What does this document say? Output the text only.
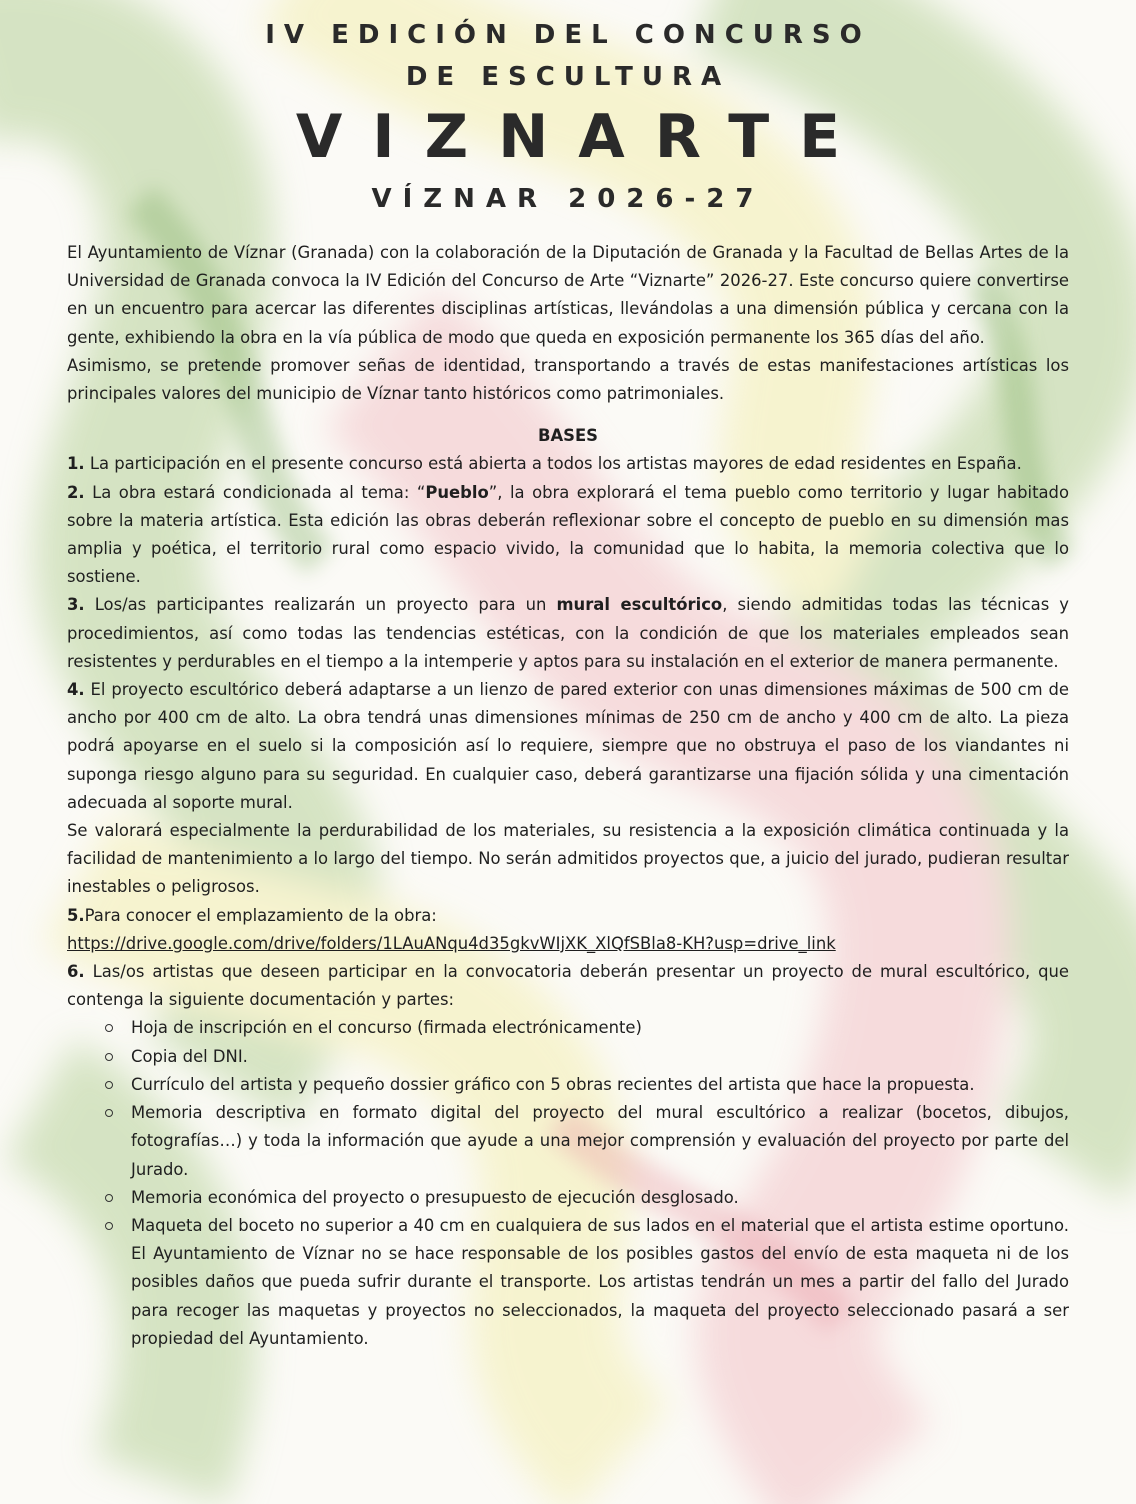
IV EDICIÓN DEL CONCURSO
DE ESCULTURA
VIZNARTE
VÍZNAR 2026-27

El Ayuntamiento de Víznar (Granada) con la colaboración de la Diputación de Granada y la Facultad de Bellas Artes de la Universidad de Granada convoca la IV Edición del Concurso de Arte “Viznarte” 2026-27. Este concurso quiere convertirse en un encuentro para acercar las diferentes disciplinas artísticas, llevándolas a una dimensión pública y cercana con la gente, exhibiendo la obra en la vía pública de modo que queda en exposición permanente los 365 días del año.

Asimismo, se pretende promover señas de identidad, transportando a través de estas manifestaciones artísticas los principales valores del municipio de Víznar tanto históricos como patrimoniales.

BASES

1. La participación en el presente concurso está abierta a todos los artistas mayores de edad residentes en España.

2. La obra estará condicionada al tema: “Pueblo”, la obra explorará el tema pueblo como territorio y lugar habitado sobre la materia artística. Esta edición las obras deberán reflexionar sobre el concepto de pueblo en su dimensión mas amplia y poética, el territorio rural como espacio vivido, la comunidad que lo habita, la memoria colectiva que lo sostiene.

3. Los/as participantes realizarán un proyecto para un mural escultórico, siendo admitidas todas las técnicas y procedimientos, así como todas las tendencias estéticas, con la condición de que los materiales empleados sean resistentes y perdurables en el tiempo a la intemperie y aptos para su instalación en el exterior de manera permanente.

4. El proyecto escultórico deberá adaptarse a un lienzo de pared exterior con unas dimensiones máximas de 500 cm de ancho por 400 cm de alto. La obra tendrá unas dimensiones mínimas de 250 cm de ancho y 400 cm de alto. La pieza podrá apoyarse en el suelo si la composición así lo requiere, siempre que no obstruya el paso de los viandantes ni suponga riesgo alguno para su seguridad. En cualquier caso, deberá garantizarse una fijación sólida y una cimentación adecuada al soporte mural.

Se valorará especialmente la perdurabilidad de los materiales, su resistencia a la exposición climática continuada y la facilidad de mantenimiento a lo largo del tiempo. No serán admitidos proyectos que, a juicio del jurado, pudieran resultar inestables o peligrosos.

5.Para conocer el emplazamiento de la obra:

https://drive.google.com/drive/folders/1LAuANqu4d35gkvWIjXK_XlQfSBla8-KH?usp=drive_link

6. Las/os artistas que deseen participar en la convocatoria deberán presentar un proyecto de mural escultórico, que contenga la siguiente documentación y partes:

Hoja de inscripción en el concurso (firmada electrónicamente)
Copia del DNI.
Currículo del artista y pequeño dossier gráfico con 5 obras recientes del artista que hace la propuesta.
Memoria descriptiva en formato digital del proyecto del mural escultórico a realizar (bocetos, dibujos, fotografías…) y toda la información que ayude a una mejor comprensión y evaluación del proyecto por parte del Jurado.
Memoria económica del proyecto o presupuesto de ejecución desglosado.
Maqueta del boceto no superior a 40 cm en cualquiera de sus lados en el material que el artista estime oportuno. El Ayuntamiento de Víznar no se hace responsable de los posibles gastos del envío de esta maqueta ni de los posibles daños que pueda sufrir durante el transporte. Los artistas tendrán un mes a partir del fallo del Jurado para recoger las maquetas y proyectos no seleccionados, la maqueta del proyecto seleccionado pasará a ser propiedad del Ayuntamiento.
